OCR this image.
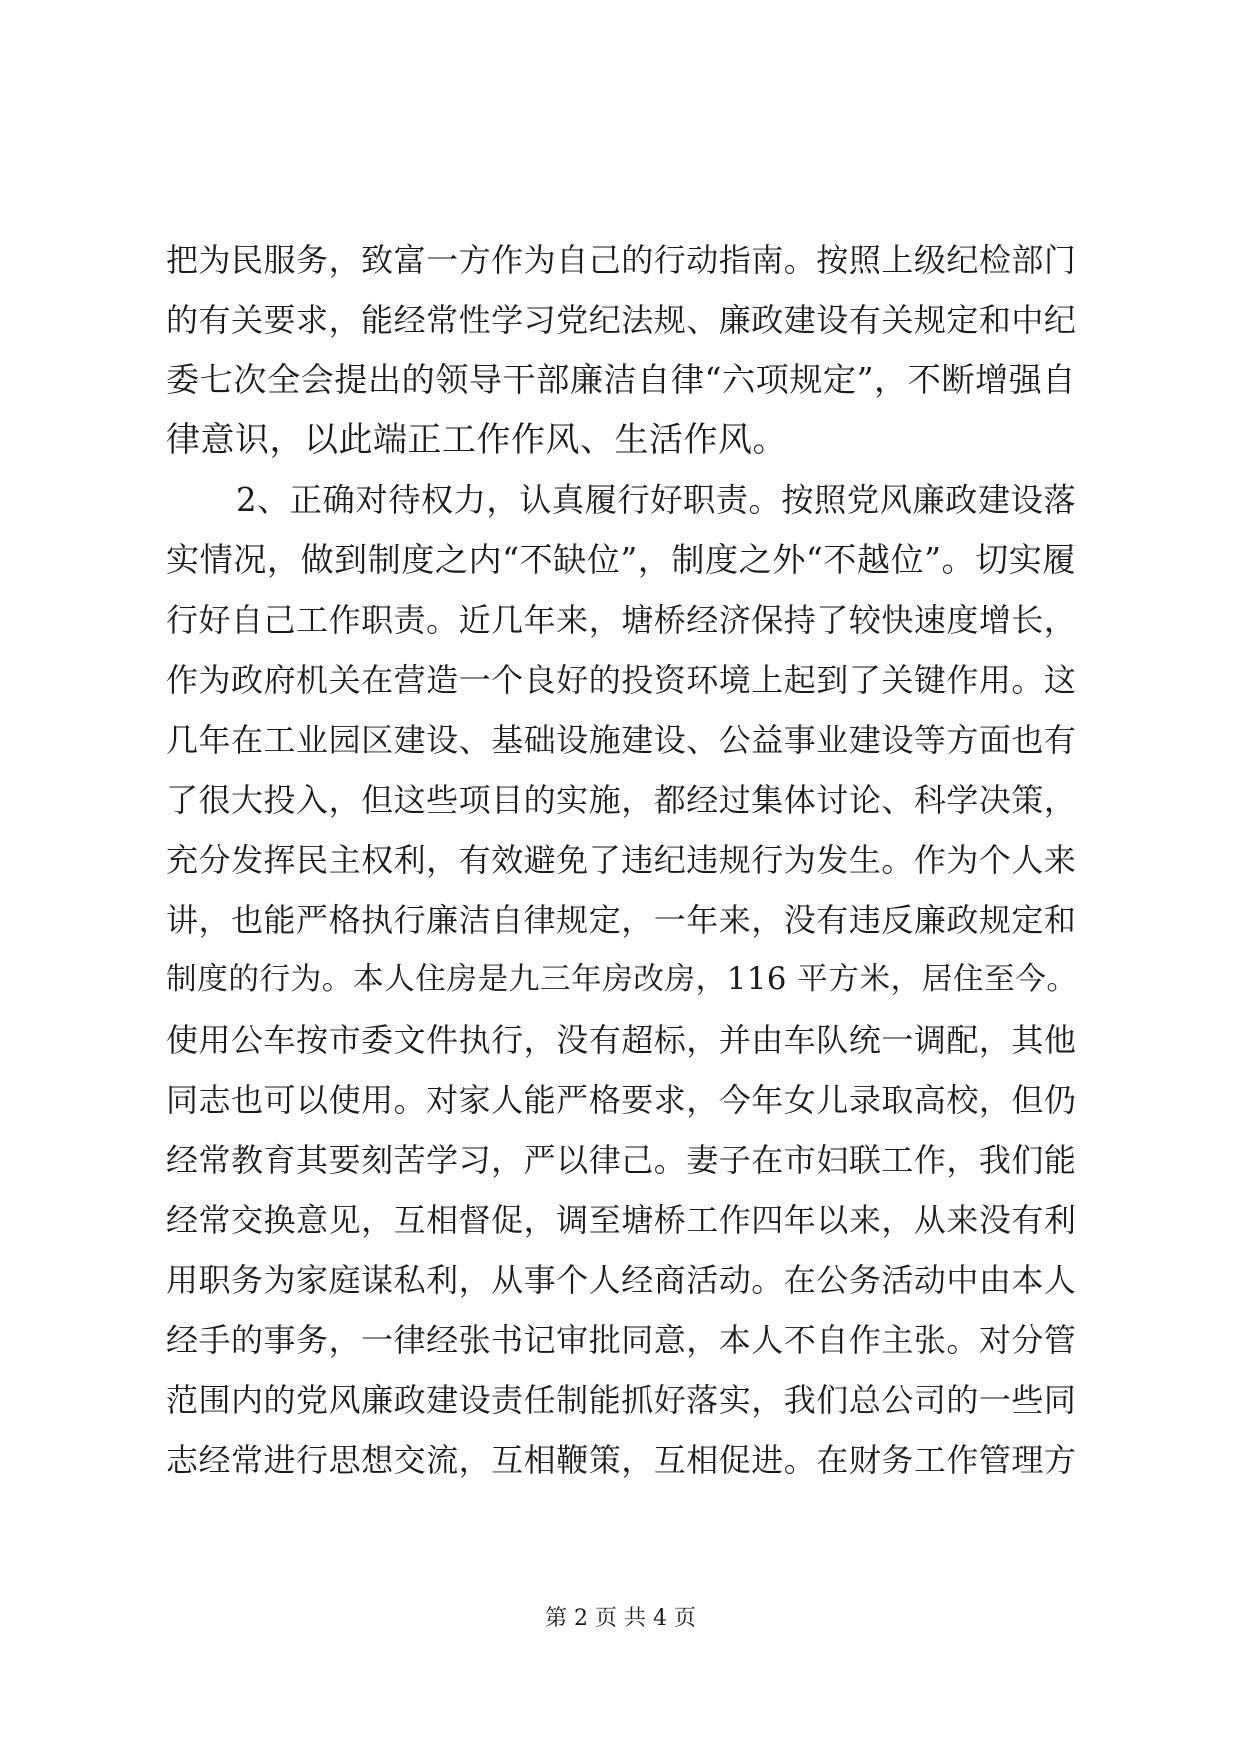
把为民服务，致富一方作为自己的行动指南。按照上级纪检部门
的有关要求，能经常性学习党纪法规、廉政建设有关规定和中纪
委七次全会提出的领导干部廉洁自律“六项规定”，不断增强自
律意识，以此端正工作作风、生活作风。
2、正确对待权力，认真履行好职责。按照党风廉政建设落
实情况，做到制度之内“不缺位”，制度之外“不越位”。切实履
行好自己工作职责。近几年来，塘桥经济保持了较快速度增长，
作为政府机关在营造一个良好的投资环境上起到了关键作用。这
几年在工业园区建设、基础设施建设、公益事业建设等方面也有
了很大投入，但这些项目的实施，都经过集体讨论、科学决策，
充分发挥民主权利，有效避免了违纪违规行为发生。作为个人来
讲，也能严格执行廉洁自律规定，一年来，没有违反廉政规定和
制度的行为。本人住房是九三年房改房，116 平方米，居住至今。
使用公车按市委文件执行，没有超标，并由车队统一调配，其他
同志也可以使用。对家人能严格要求，今年女儿录取高校，但仍
经常教育其要刻苦学习，严以律己。妻子在市妇联工作，我们能
经常交换意见，互相督促，调至塘桥工作四年以来，从来没有利
用职务为家庭谋私利，从事个人经商活动。在公务活动中由本人
经手的事务，一律经张书记审批同意，本人不自作主张。对分管
范围内的党风廉政建设责任制能抓好落实，我们总公司的一些同
志经常进行思想交流，互相鞭策，互相促进。在财务工作管理方
第 2 页 共 4 页
